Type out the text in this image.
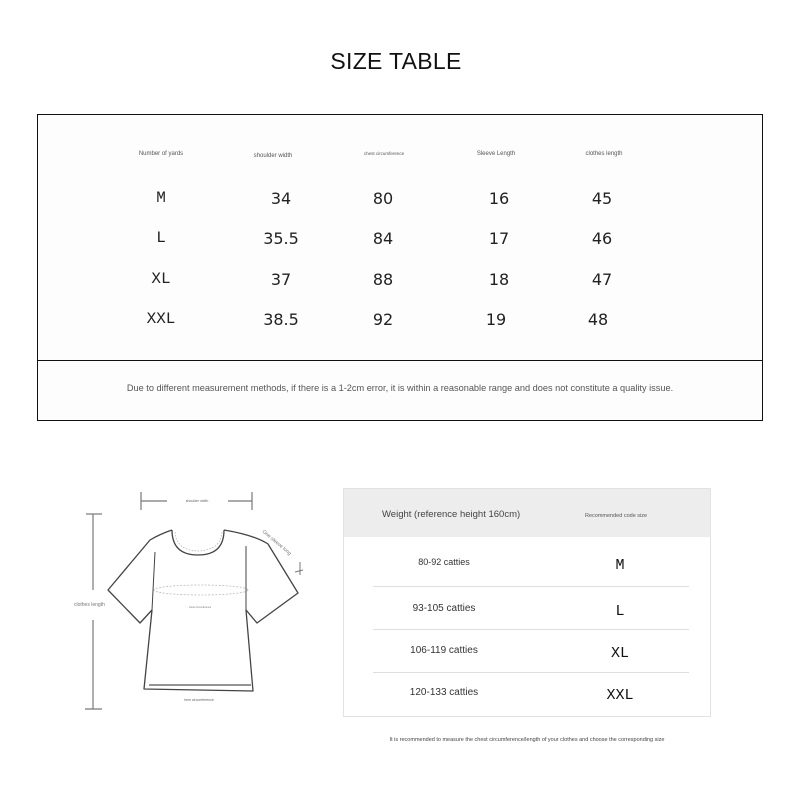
SIZE TABLE
Number of yards	shoulder width	chest circumference	Sleeve Length	clothes length
M	34	80	16	45
L	35.5	84	17	46
XL	37	88	18	47
XXL	38.5	92	19	48
Due to different measurement methods, if there is a 1-2cm error, it is within a reasonable range and does not constitute a quality issue.
shoulder width
clothes length
One sleeve long
chest circumference
hem circumference
Weight (reference height 160cm)	Recommended code size
80-92 catties	M
93-105 catties	L
106-119 catties	XL
120-133 catties	XXL
It is recommended to measure the chest circumference/length of your clothes and choose the corresponding size
